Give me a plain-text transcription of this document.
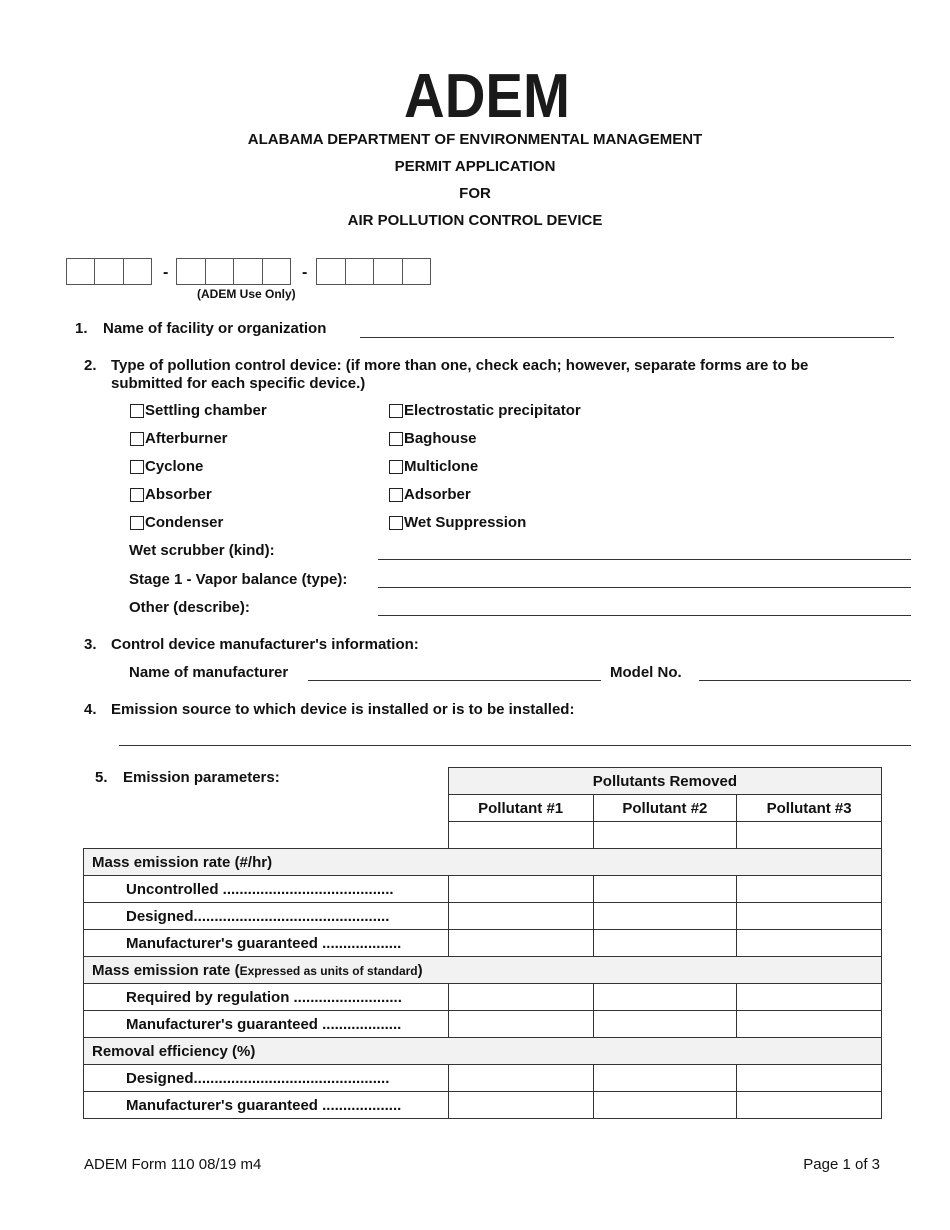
ADEM
ALABAMA DEPARTMENT OF ENVIRONMENTAL MANAGEMENT
PERMIT APPLICATION
FOR
AIR POLLUTION CONTROL DEVICE
-	-
(ADEM Use Only)
1. Name of facility or organization
2. Type of pollution control device: (if more than one, check each; however, separate forms are to be
submitted for each specific device.)
Settling chamber
Afterburner
Cyclone
Absorber
Condenser
Electrostatic precipitator
Baghouse
Multiclone
Adsorber
Wet Suppression
Wet scrubber (kind):
Stage 1 - Vapor balance (type):
Other (describe):
3. Control device manufacturer's information:
Name of manufacturer	Model No.
4. Emission source to which device is installed or is to be installed:
5. Emission parameters:
		Pollutants Removed		
	Pollutant #1	Pollutant #2	Pollutant #3

Mass emission rate (#/hr)			
Uncontrolled .........................................			
Designed...............................................			
Manufacturer's guaranteed ...................			
Mass emission rate (Expressed as units of standard)			
Required by regulation ..........................			
Manufacturer's guaranteed ...................			
Removal efficiency (%)			
Designed...............................................			
Manufacturer's guaranteed ...................			
ADEM Form 110 08/19 m4	Page 1 of 3
